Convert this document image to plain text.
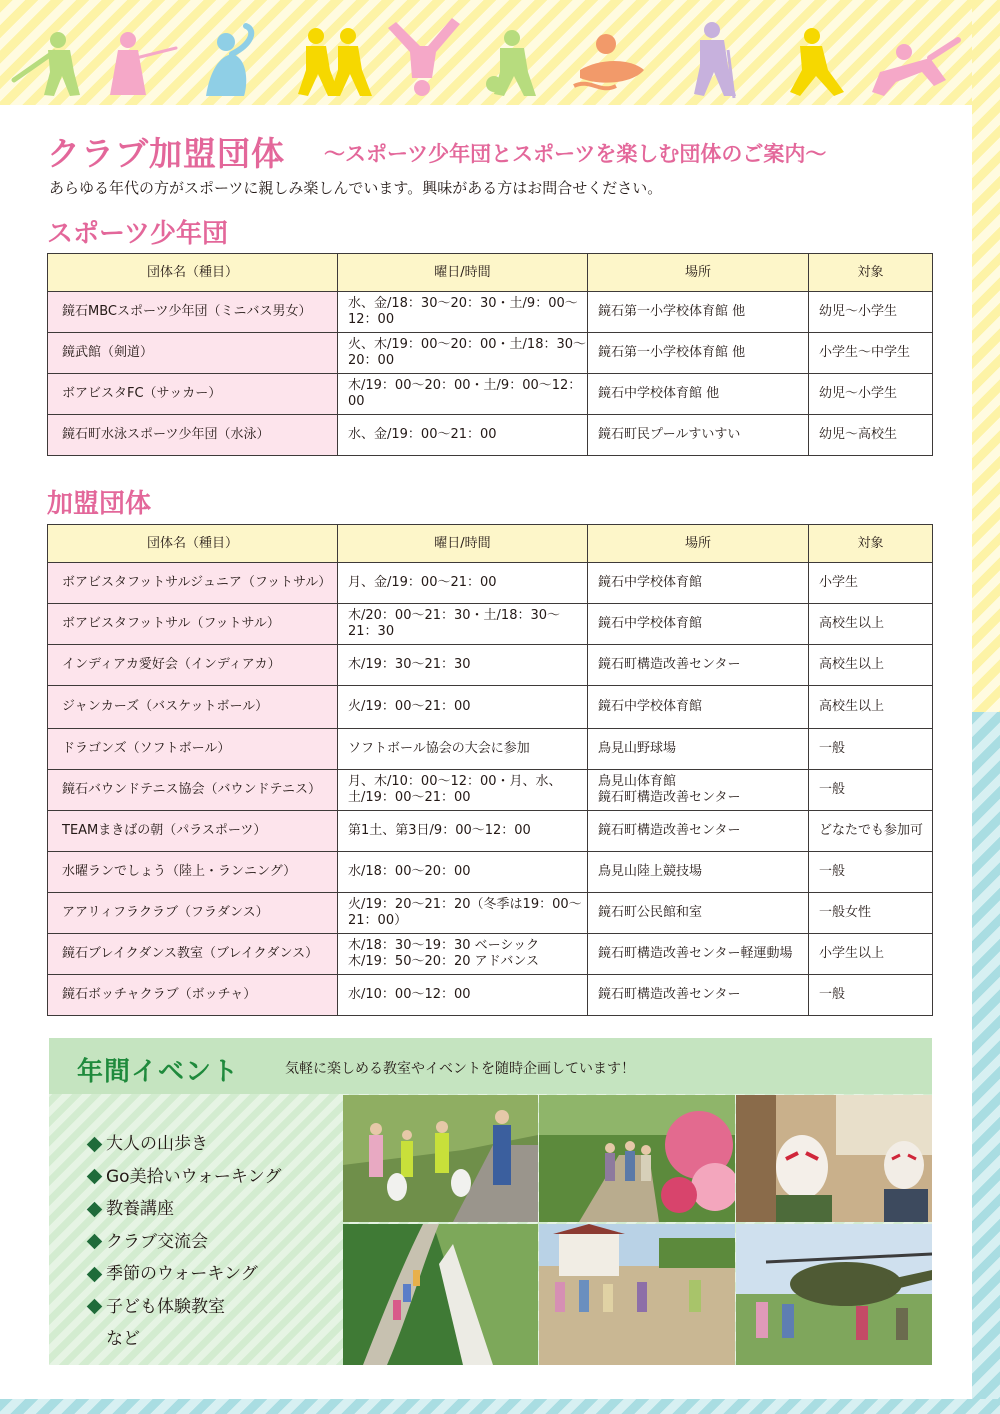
クラブ加盟団体 ～スポーツ少年団とスポーツを楽しむ団体のご案内～
あらゆる年代の方がスポーツに親しみ楽しんでいます。興味がある方はお問合せください。
スポーツ少年団
団体名（種目）	曜日/時間	場所	対象

鏡石MBCスポーツ少年団（ミニバス男女）	水、金/18：30～20：30・土/9：00～12：00	鏡石第一小学校体育館 他	幼児～小学生

鏡武館（剣道）	火、木/19：00～20：00・土/18：30～20：00	鏡石第一小学校体育館 他	小学生～中学生

ボアビスタFC（サッカー）	木/19：00～20：00・土/9：00～12：00	鏡石中学校体育館 他	幼児～小学生

鏡石町水泳スポーツ少年団（水泳）	水、金/19：00～21：00	鏡石町民プールすいすい	幼児～高校生
加盟団体
団体名（種目）	曜日/時間	場所	対象

ボアビスタフットサルジュニア（フットサル）	月、金/19：00～21：00	鏡石中学校体育館	小学生

ボアビスタフットサル（フットサル）	木/20：00～21：30・土/18：30～21：30	鏡石中学校体育館	高校生以上

インディアカ愛好会（インディアカ）	木/19：30～21：30	鏡石町構造改善センター	高校生以上

ジャンカーズ（バスケットボール）	火/19：00～21：00	鏡石中学校体育館	高校生以上

ドラゴンズ（ソフトボール）	ソフトボール協会の大会に参加	鳥見山野球場	一般

鏡石バウンドテニス協会（バウンドテニス）	月、木/10：00～12：00・月、水、土/19：00～21：00	鳥見山体育館
鏡石町構造改善センター	一般

TEAMまきばの朝（パラスポーツ）	第1土、第3日/9：00～12：00	鏡石町構造改善センター	どなたでも参加可

水曜ランでしょう（陸上・ランニング）	水/18：00～20：00	鳥見山陸上競技場	一般

アアリィフラクラブ（フラダンス）	火/19：20～21：20（冬季は19：00～21：00）	鏡石町公民館和室	一般女性

鏡石ブレイクダンス教室（ブレイクダンス）	木/18：30～19：30 ベーシック
木/19：50～20：20 アドバンス	鏡石町構造改善センター軽運動場	小学生以上

鏡石ボッチャクラブ（ボッチャ）	水/10：00～12：00	鏡石町構造改善センター	一般
年間イベント	気軽に楽しめる教室やイベントを随時企画しています！
大人の山歩き
Go美拾いウォーキング
教養講座
クラブ交流会
季節のウォーキング
子ども体験教室
など
